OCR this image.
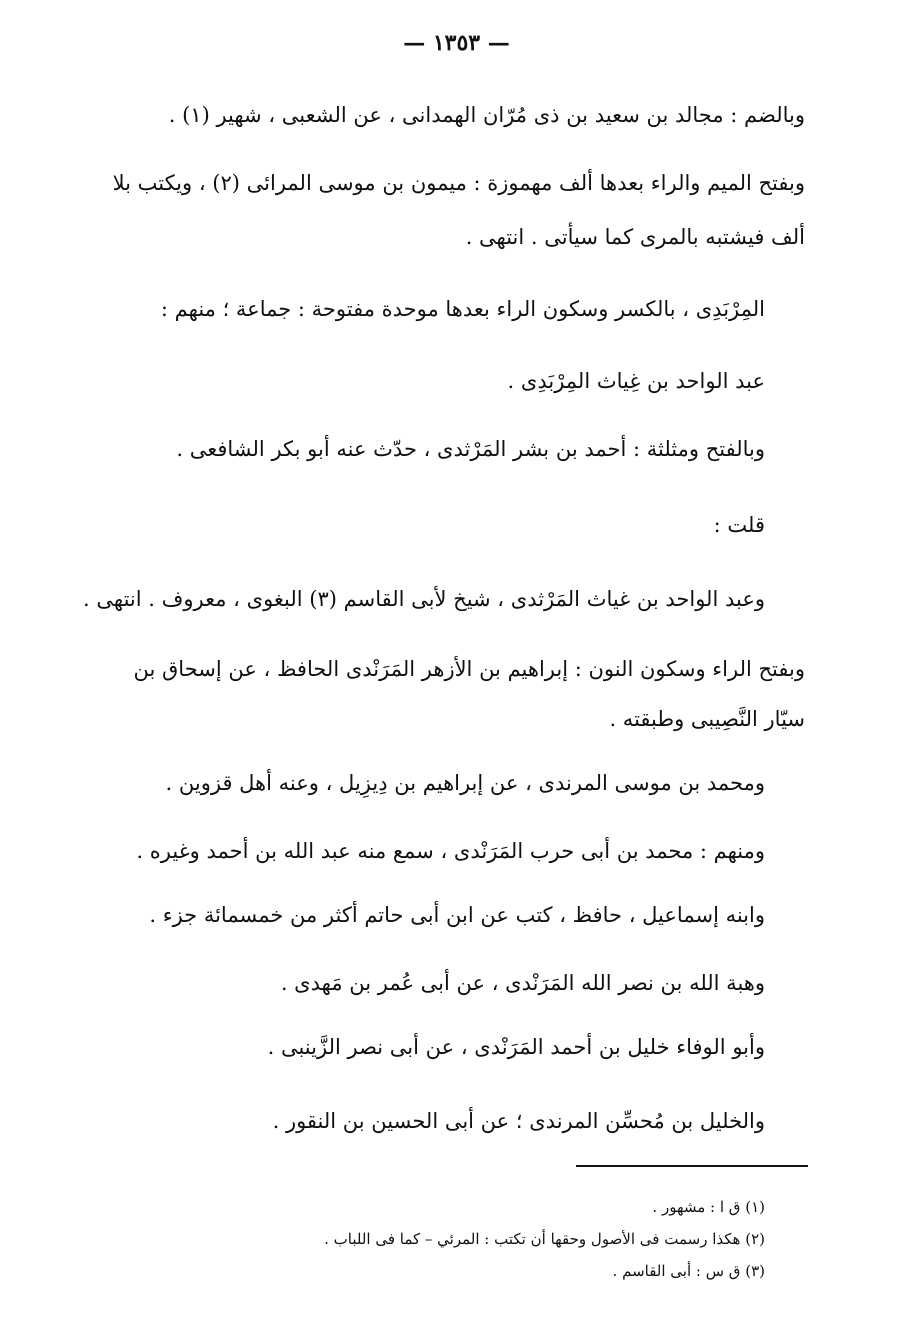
— ١٣٥٣ —
وبالضم : مجالد بن سعيد بن ذى مُرّان الهمدانى ، عن الشعبى ، شهير (١) .
وبفتح الميم والراء بعدها ألف مهموزة : ميمون بن موسى المرائى (٢) ، ويكتب بلا
ألف فيشتبه بالمرى كما سيأتى . انتهى .
المِرْبَدِى ، بالكسر وسكون الراء بعدها موحدة مفتوحة : جماعة ؛ منهم :
عبد الواحد بن غِياث المِرْبَدِى .
وبالفتح ومثلثة : أحمد بن بشر المَرْثدى ، حدّث عنه أبو بكر الشافعى .
قلت :
وعبد الواحد بن غياث المَرْثدى ، شيخ لأبى القاسم (٣) البغوى ، معروف . انتهى .
وبفتح الراء وسكون النون : إبراهيم بن الأزهر المَرَنْدى الحافظ ، عن إسحاق بن
سيّار النَّصِيبى وطبقته .
ومحمد بن موسى المرندى ، عن إبراهيم بن دِيزِيل ، وعنه أهل قزوين .
ومنهم : محمد بن أبى حرب المَرَنْدى ، سمع منه عبد الله بن أحمد وغيره .
وابنه إسماعيل ، حافظ ، كتب عن ابن أبى حاتم أكثر من خمسمائة جزء .
وهبة الله بن نصر الله المَرَنْدى ، عن أبى عُمر بن مَهدى .
وأبو الوفاء خليل بن أحمد المَرَنْدى ، عن أبى نصر الزَّينبى .
والخليل بن مُحسِّن المرندى ؛ عن أبى الحسين بن النقور .
(١) ق ا : مشهور .
(٢) هكذا رسمت فى الأصول وحقها أن تكتب : المرئي – كما فى اللباب .
(٣) ق س : أبى القاسم .
